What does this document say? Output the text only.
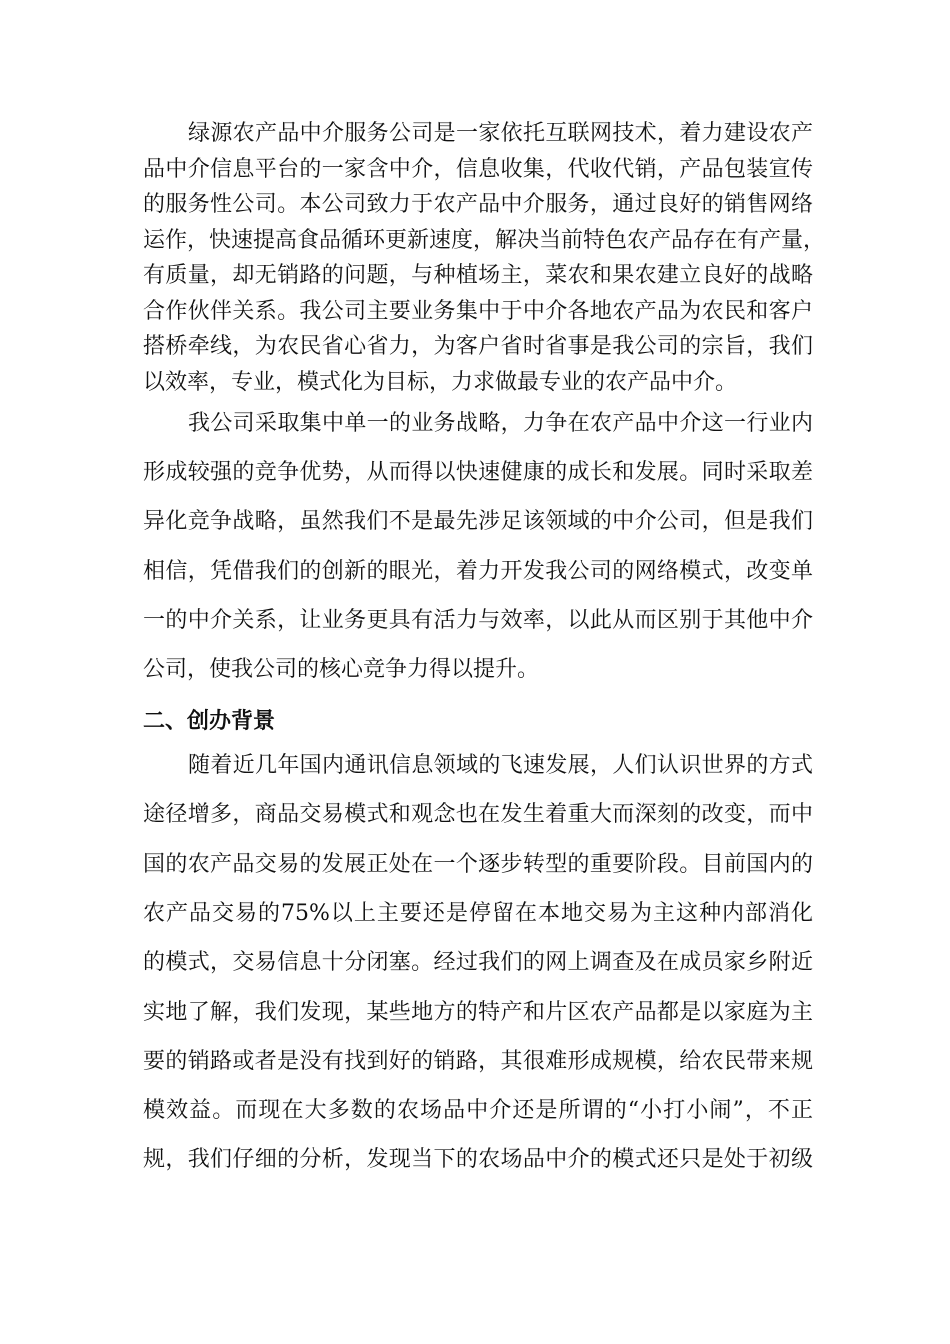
绿源农产品中介服务公司是一家依托互联网技术，着力建设农产
品中介信息平台的一家含中介，信息收集，代收代销，产品包装宣传
的服务性公司。本公司致力于农产品中介服务，通过良好的销售网络
运作，快速提高食品循环更新速度，解决当前特色农产品存在有产量，
有质量，却无销路的问题，与种植场主，菜农和果农建立良好的战略
合作伙伴关系。我公司主要业务集中于中介各地农产品为农民和客户
搭桥牵线，为农民省心省力，为客户省时省事是我公司的宗旨，我们
以效率，专业，模式化为目标，力求做最专业的农产品中介。
我公司采取集中单一的业务战略，力争在农产品中介这一行业内
形成较强的竞争优势，从而得以快速健康的成长和发展。同时采取差
异化竞争战略，虽然我们不是最先涉足该领域的中介公司，但是我们
相信，凭借我们的创新的眼光，着力开发我公司的网络模式，改变单
一的中介关系，让业务更具有活力与效率，以此从而区别于其他中介
公司，使我公司的核心竞争力得以提升。
二、创办背景
随着近几年国内通讯信息领域的飞速发展，人们认识世界的方式
途径增多，商品交易模式和观念也在发生着重大而深刻的改变，而中
国的农产品交易的发展正处在一个逐步转型的重要阶段。目前国内的
农产品交易的75%以上主要还是停留在本地交易为主这种内部消化
的模式，交易信息十分闭塞。经过我们的网上调查及在成员家乡附近
实地了解，我们发现，某些地方的特产和片区农产品都是以家庭为主
要的销路或者是没有找到好的销路，其很难形成规模，给农民带来规
模效益。而现在大多数的农场品中介还是所谓的“小打小闹”，不正
规，我们仔细的分析，发现当下的农场品中介的模式还只是处于初级
